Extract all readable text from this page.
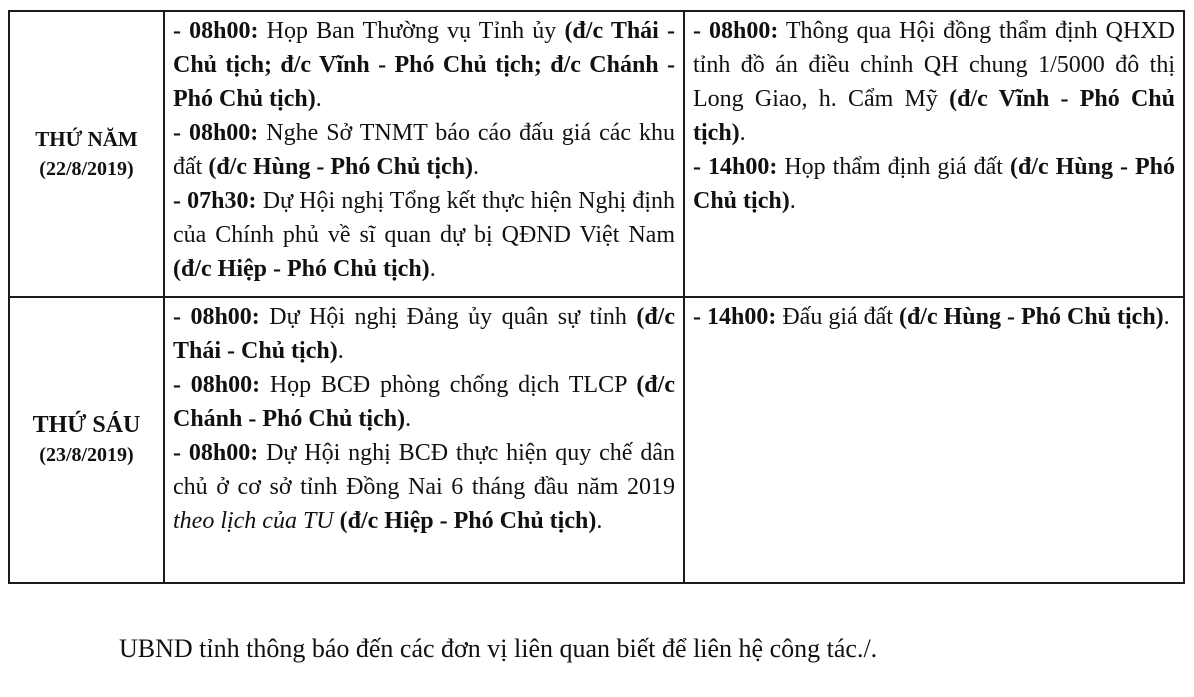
THỨ NĂM
(22/8/2019)	- 08h00: Họp Ban Thường vụ Tỉnh ủy (đ/c Thái - Chủ tịch; đ/c Vĩnh - Phó Chủ tịch; đ/c Chánh - Phó Chủ tịch).
- 08h00: Nghe Sở TNMT báo cáo đấu giá các khu đất (đ/c Hùng - Phó Chủ tịch).
- 07h30: Dự Hội nghị Tổng kết thực hiện Nghị định của Chính phủ về sĩ quan dự bị QĐND Việt Nam (đ/c Hiệp - Phó Chủ tịch).	- 08h00: Thông qua Hội đồng thẩm định QHXD tỉnh đồ án điều chỉnh QH chung 1/5000 đô thị Long Giao, h. Cẩm Mỹ (đ/c Vĩnh - Phó Chủ tịch).
- 14h00: Họp thẩm định giá đất (đ/c Hùng - Phó Chủ tịch).

THỨ SÁU
(23/8/2019)	- 08h00: Dự Hội nghị Đảng ủy quân sự tỉnh (đ/c Thái - Chủ tịch).
- 08h00: Họp BCĐ phòng chống dịch TLCP (đ/c Chánh - Phó Chủ tịch).
- 08h00: Dự Hội nghị BCĐ thực hiện quy chế dân chủ ở cơ sở tỉnh Đồng Nai 6 tháng đầu năm 2019 theo lịch của TU (đ/c Hiệp - Phó Chủ tịch).	- 14h00: Đấu giá đất (đ/c Hùng - Phó Chủ tịch).
UBND tỉnh thông báo đến các đơn vị liên quan biết để liên hệ công tác./.
